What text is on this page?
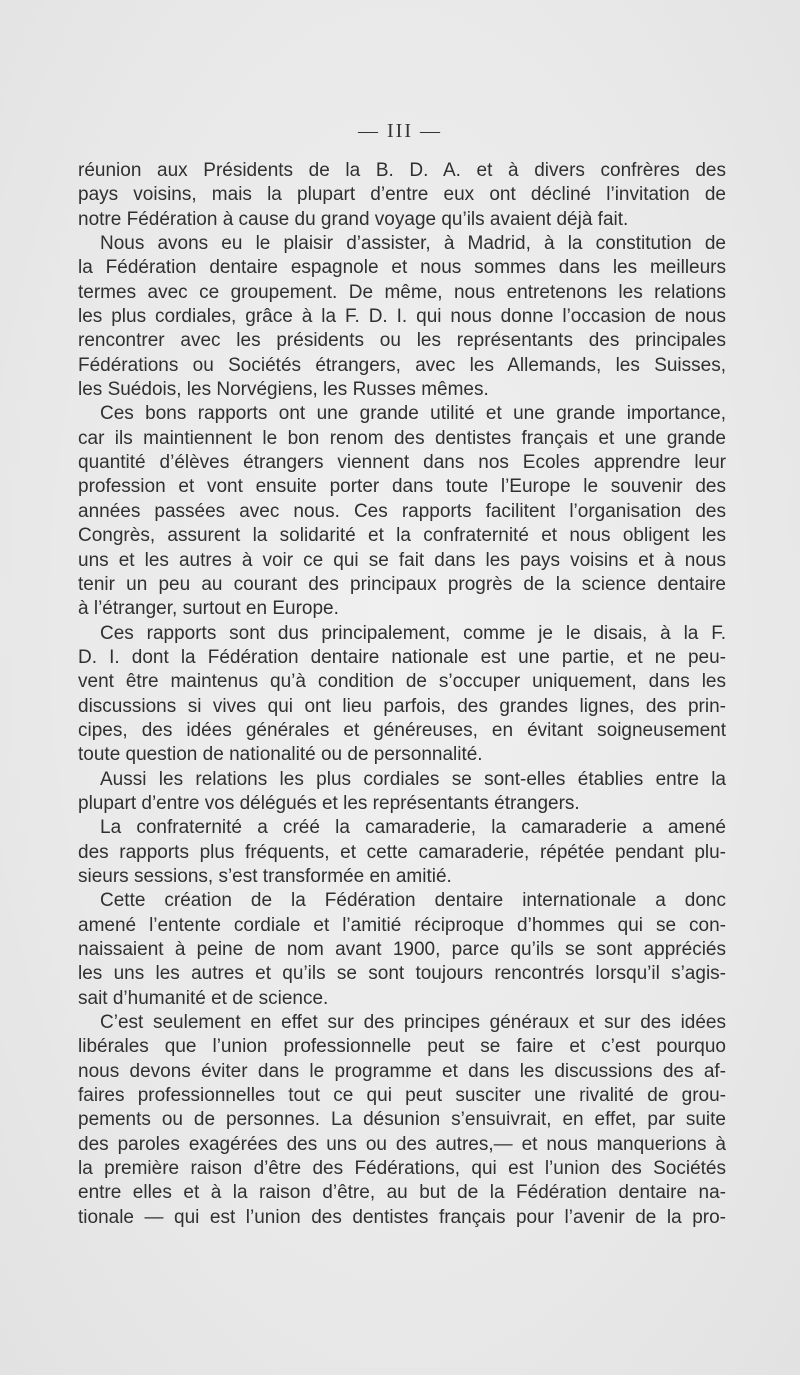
— III —
réunion aux Présidents de la B. D. A. et à divers confrères des
pays voisins, mais la plupart d’entre eux ont décliné l’invitation de
notre Fédération à cause du grand voyage qu’ils avaient déjà fait.
Nous avons eu le plaisir d’assister, à Madrid, à la constitution de
la Fédération dentaire espagnole et nous sommes dans les meilleurs
termes avec ce groupement. De même, nous entretenons les relations
les plus cordiales, grâce à la F. D. I. qui nous donne l’occasion de nous
rencontrer avec les présidents ou les représentants des principales
Fédérations ou Sociétés étrangers, avec les Allemands, les Suisses,
les Suédois, les Norvégiens, les Russes mêmes.
Ces bons rapports ont une grande utilité et une grande importance,
car ils maintiennent le bon renom des dentistes français et une grande
quantité d’élèves étrangers viennent dans nos Ecoles apprendre leur
profession et vont ensuite porter dans toute l’Europe le souvenir des
années passées avec nous. Ces rapports facilitent l’organisation des
Congrès, assurent la solidarité et la confraternité et nous obligent les
uns et les autres à voir ce qui se fait dans les pays voisins et à nous
tenir un peu au courant des principaux progrès de la science dentaire
à l’étranger, surtout en Europe.
Ces rapports sont dus principalement, comme je le disais, à la F.
D. I. dont la Fédération dentaire nationale est une partie, et ne peu-
vent être maintenus qu’à condition de s’occuper uniquement, dans les
discussions si vives qui ont lieu parfois, des grandes lignes, des prin-
cipes, des idées générales et généreuses, en évitant soigneusement
toute question de nationalité ou de personnalité.
Aussi les relations les plus cordiales se sont-elles établies entre la
plupart d’entre vos délégués et les représentants étrangers.
La confraternité a créé la camaraderie, la camaraderie a amené
des rapports plus fréquents, et cette camaraderie, répétée pendant plu-
sieurs sessions, s’est transformée en amitié.
Cette création de la Fédération dentaire internationale a donc
amené l’entente cordiale et l’amitié réciproque d’hommes qui se con-
naissaient à peine de nom avant 1900, parce qu’ils se sont appréciés
les uns les autres et qu’ils se sont toujours rencontrés lorsqu’il s’agis-
sait d’humanité et de science.
C’est seulement en effet sur des principes généraux et sur des idées
libérales que l’union professionnelle peut se faire et c’est pourquo
nous devons éviter dans le programme et dans les discussions des af-
faires professionnelles tout ce qui peut susciter une rivalité de grou-
pements ou de personnes. La désunion s’ensuivrait, en effet, par suite
des paroles exagérées des uns ou des autres,— et nous manquerions à
la première raison d’être des Fédérations, qui est l’union des Sociétés
entre elles et à la raison d’être, au but de la Fédération dentaire na-
tionale — qui est l’union des dentistes français pour l’avenir de la pro-
